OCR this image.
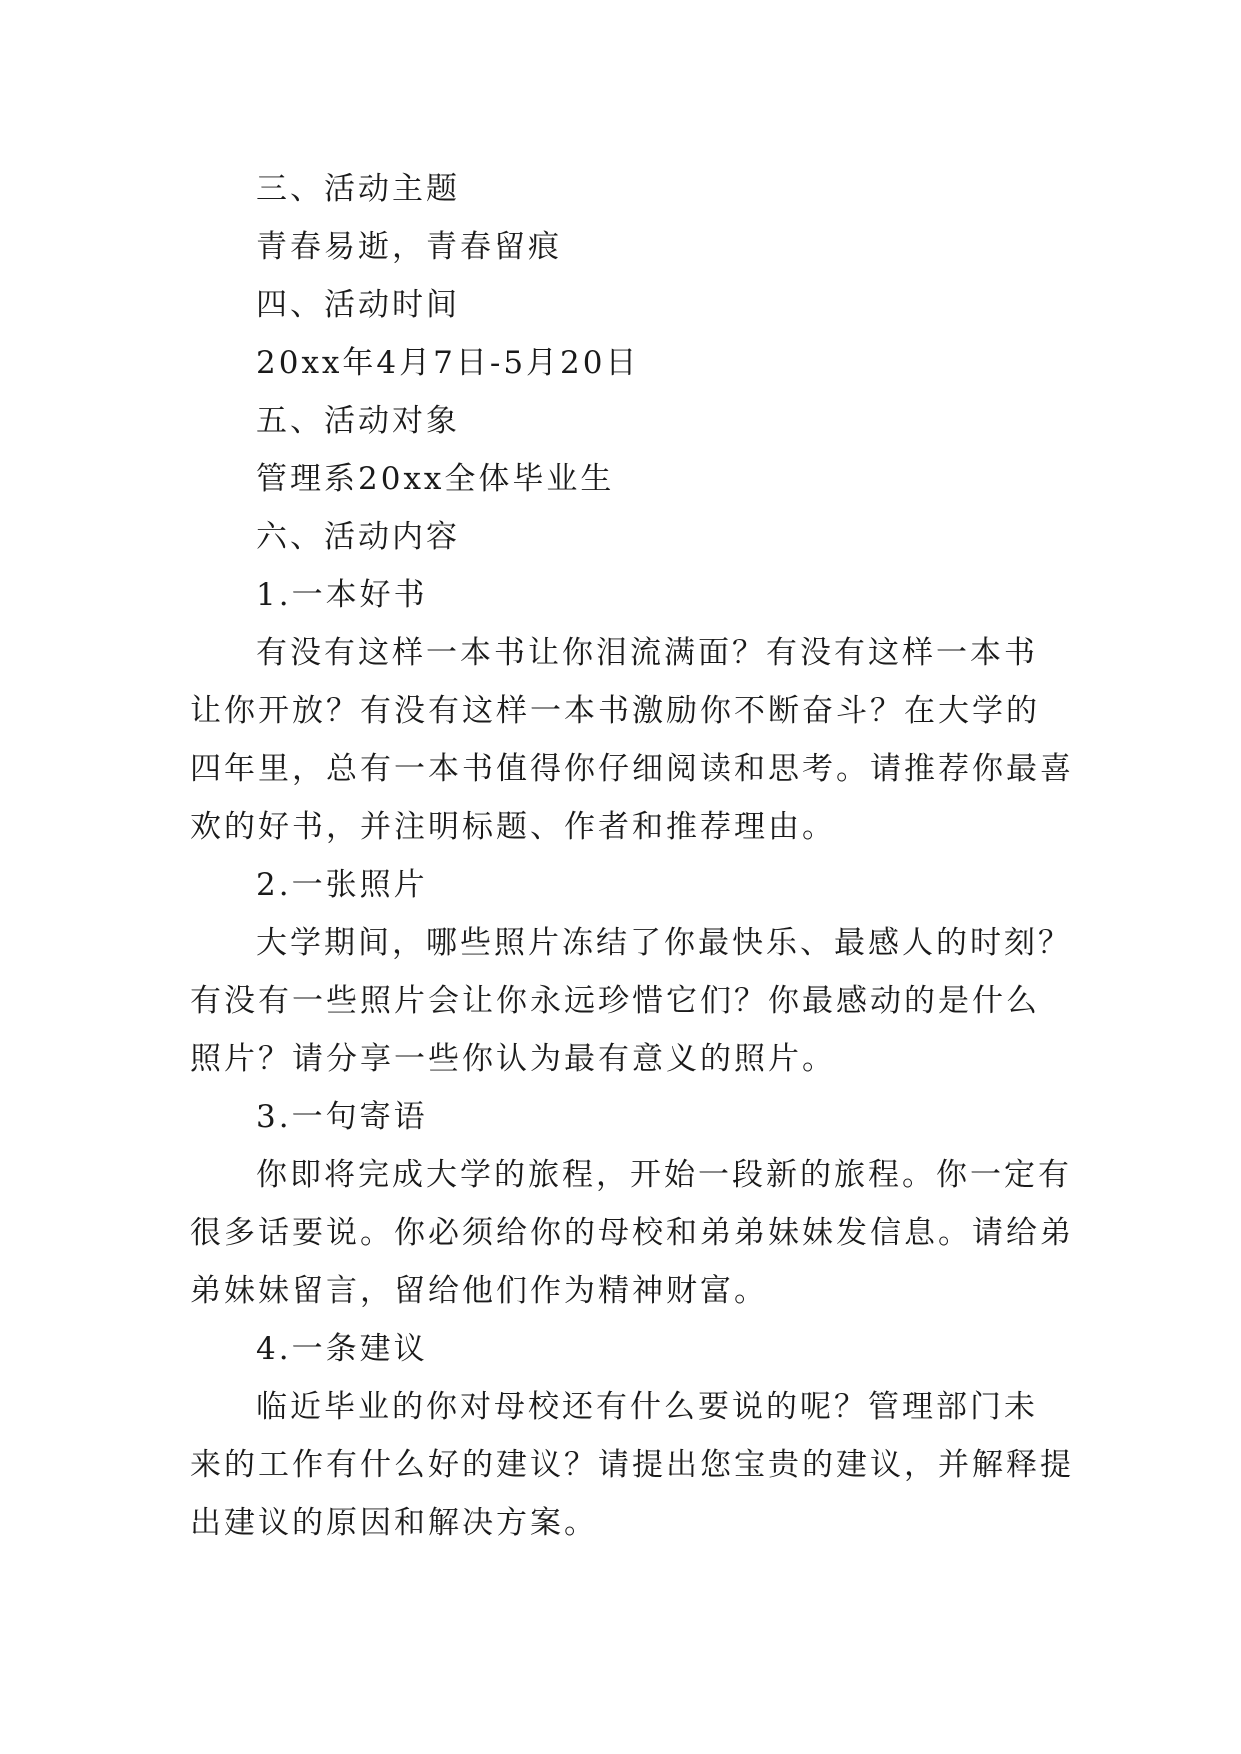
三、活动主题

青春易逝，青春留痕

四、活动时间

20xx年4月7日-5月20日

五、活动对象

管理系20xx全体毕业生

六、活动内容

1.一本好书

有没有这样一本书让你泪流满面？有没有这样一本书

让你开放？有没有这样一本书激励你不断奋斗？在大学的

四年里，总有一本书值得你仔细阅读和思考。请推荐你最喜

欢的好书，并注明标题、作者和推荐理由。

2.一张照片

大学期间，哪些照片冻结了你最快乐、最感人的时刻？

有没有一些照片会让你永远珍惜它们？你最感动的是什么

照片？请分享一些你认为最有意义的照片。

3.一句寄语

你即将完成大学的旅程，开始一段新的旅程。你一定有

很多话要说。你必须给你的母校和弟弟妹妹发信息。请给弟

弟妹妹留言，留给他们作为精神财富。

4.一条建议

临近毕业的你对母校还有什么要说的呢？管理部门未

来的工作有什么好的建议？请提出您宝贵的建议，并解释提

出建议的原因和解决方案。
